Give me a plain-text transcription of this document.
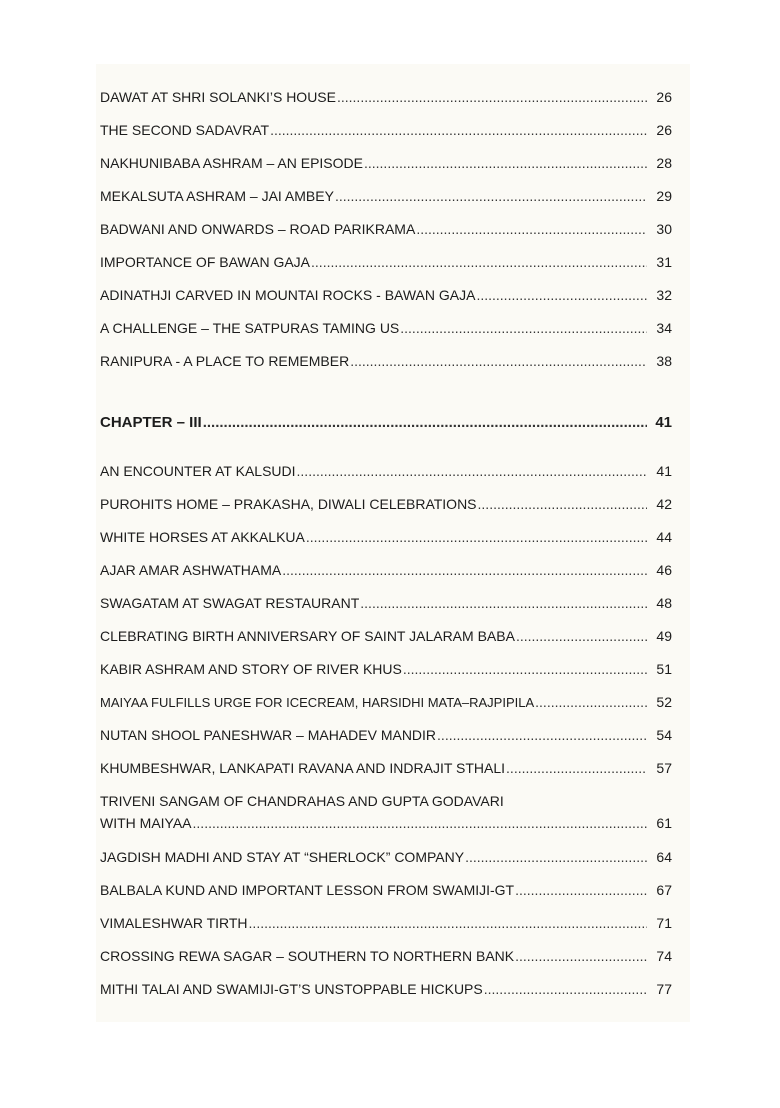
DAWAT AT SHRI SOLANKI’S HOUSE .....	26
THE SECOND SADAVRAT .....	26
NAKHUNIBABA ASHRAM – AN EPISODE .....	28
MEKALSUTA ASHRAM – JAI AMBEY .....	29
BADWANI AND ONWARDS – ROAD PARIKRAMA .....	30
IMPORTANCE OF BAWAN GAJA .....	31
ADINATHJI CARVED IN MOUNTAI ROCKS - BAWAN GAJA .....	32
A CHALLENGE – THE SATPURAS TAMING US .....	34
RANIPURA - A PLACE TO REMEMBER .....	38
CHAPTER – III .....	41
AN ENCOUNTER AT KALSUDI .....	41
PUROHITS HOME – PRAKASHA, DIWALI CELEBRATIONS .....	42
WHITE HORSES AT AKKALKUA .....	44
AJAR AMAR ASHWATHAMA .....	46
SWAGATAM AT SWAGAT RESTAURANT .....	48
CLEBRATING BIRTH ANNIVERSARY OF SAINT JALARAM BABA .....	49
KABIR ASHRAM AND STORY OF RIVER KHUS .....	51
MAIYAA FULFILLS URGE FOR ICECREAM, HARSIDHI MATA–RAJPIPILA .....	52
NUTAN SHOOL PANESHWAR – MAHADEV MANDIR .....	54
KHUMBESHWAR, LANKAPATI RAVANA AND INDRAJIT STHALI .....	57
TRIVENI SANGAM OF CHANDRAHAS AND GUPTA GODAVARI
WITH MAIYAA .....	61
JAGDISH MADHI AND STAY AT “SHERLOCK” COMPANY .....	64
BALBALA KUND AND IMPORTANT LESSON FROM SWAMIJI-GT .....	67
VIMALESHWAR TIRTH .....	71
CROSSING REWA SAGAR – SOUTHERN TO NORTHERN BANK .....	74
MITHI TALAI AND SWAMIJI-GT’S UNSTOPPABLE HICKUPS .....	77
